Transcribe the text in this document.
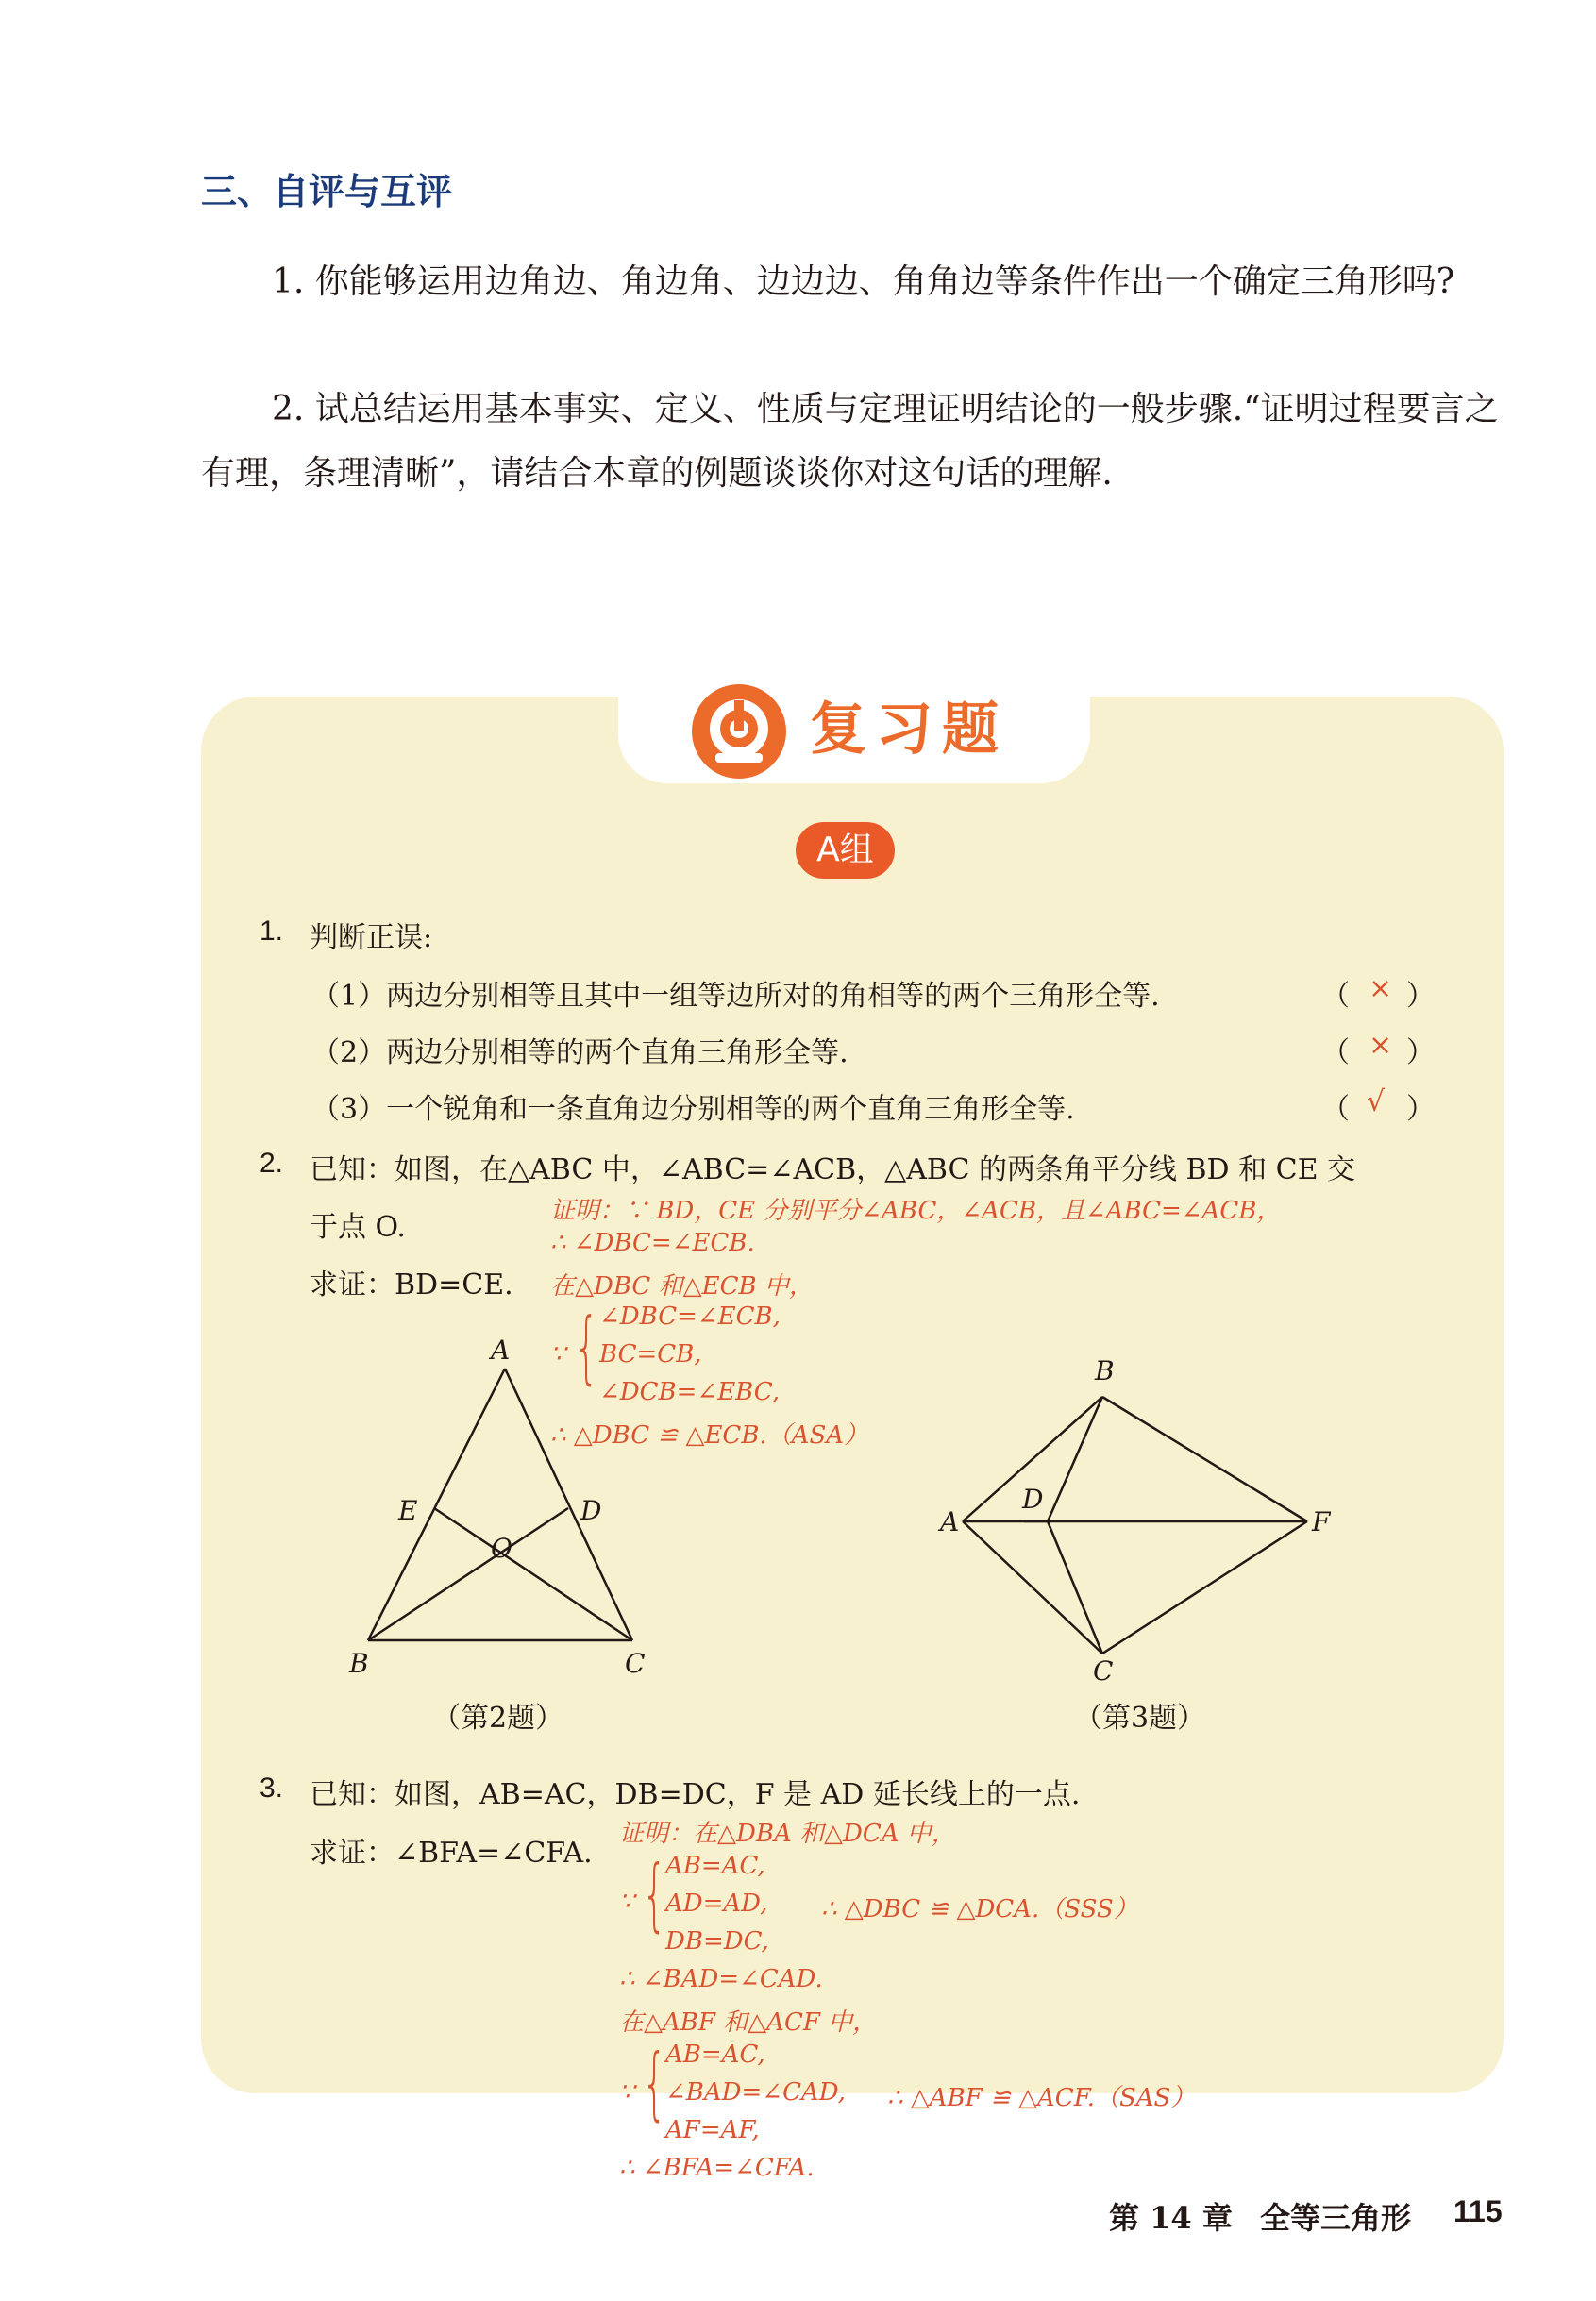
三、自评与互评
1. 你能够运用边角边、角边角、边边边、角角边等条件作出一个确定三角形吗?
2. 试总结运用基本事实、定义、性质与定理证明结论的一般步骤.“证明过程要言之有理，条理清晰”，请结合本章的例题谈谈你对这句话的理解.
复习题
A组
1. 判断正误:
（1）两边分别相等且其中一组等边所对的角相等的两个三角形全等.	（ × ）
（2）两边分别相等的两个直角三角形全等.	（ × ）
（3）一个锐角和一条直角边分别相等的两个直角三角形全等.	（ √ ）
2. 已知：如图，在△ABC 中，∠ABC=∠ACB，△ABC 的两条角平分线 BD 和 CE 交
于点 O.
求证：BD=CE.
证明：∵ BD，CE 分别平分∠ABC，∠ACB，且∠ABC=∠ACB，
∴ ∠DBC=∠ECB.
在△DBC 和△ECB 中，
∵ { ∠DBC=∠ECB,
BC=CB,
∠DCB=∠EBC,
∴ △DBC ≌ △ECB.（ASA）
A
B	C
D
E
O
（第2题）
B
A
D
F
C
（第3题）
3. 已知：如图，AB=AC，DB=DC，F 是 AD 延长线上的一点.
求证：∠BFA=∠CFA.
证明：在△DBA 和△DCA 中，
∵ {
AB=AC,
AD=AD,
DB=DC,
∴ △DBC ≌ △DCA.（SSS）
∴ ∠BAD=∠CAD.
在△ABF 和△ACF 中，
∵ {
AB=AC,
∠BAD=∠CAD,
AF=AF,
∴ △ABF ≌ △ACF.（SAS）
∴ ∠BFA=∠CFA.
第 14 章 全等三角形 115
